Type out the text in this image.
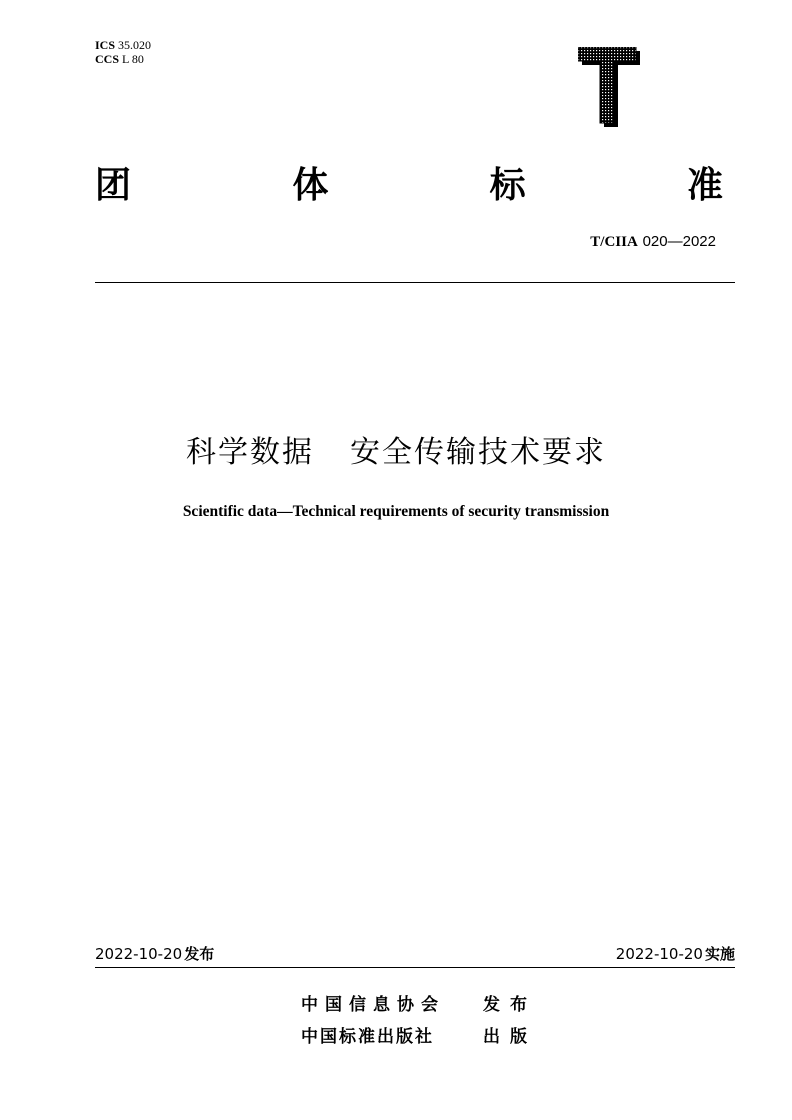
ICS 35.020
CCS L 80
团	体	标	准
T/CIIA 020—2022
科学数据 安全传输技术要求
Scientific data—Technical requirements of security transmission
2022-10-20 发布	2022-10-20 实施
中国信息协会	发布
中国标准出版社	出版
